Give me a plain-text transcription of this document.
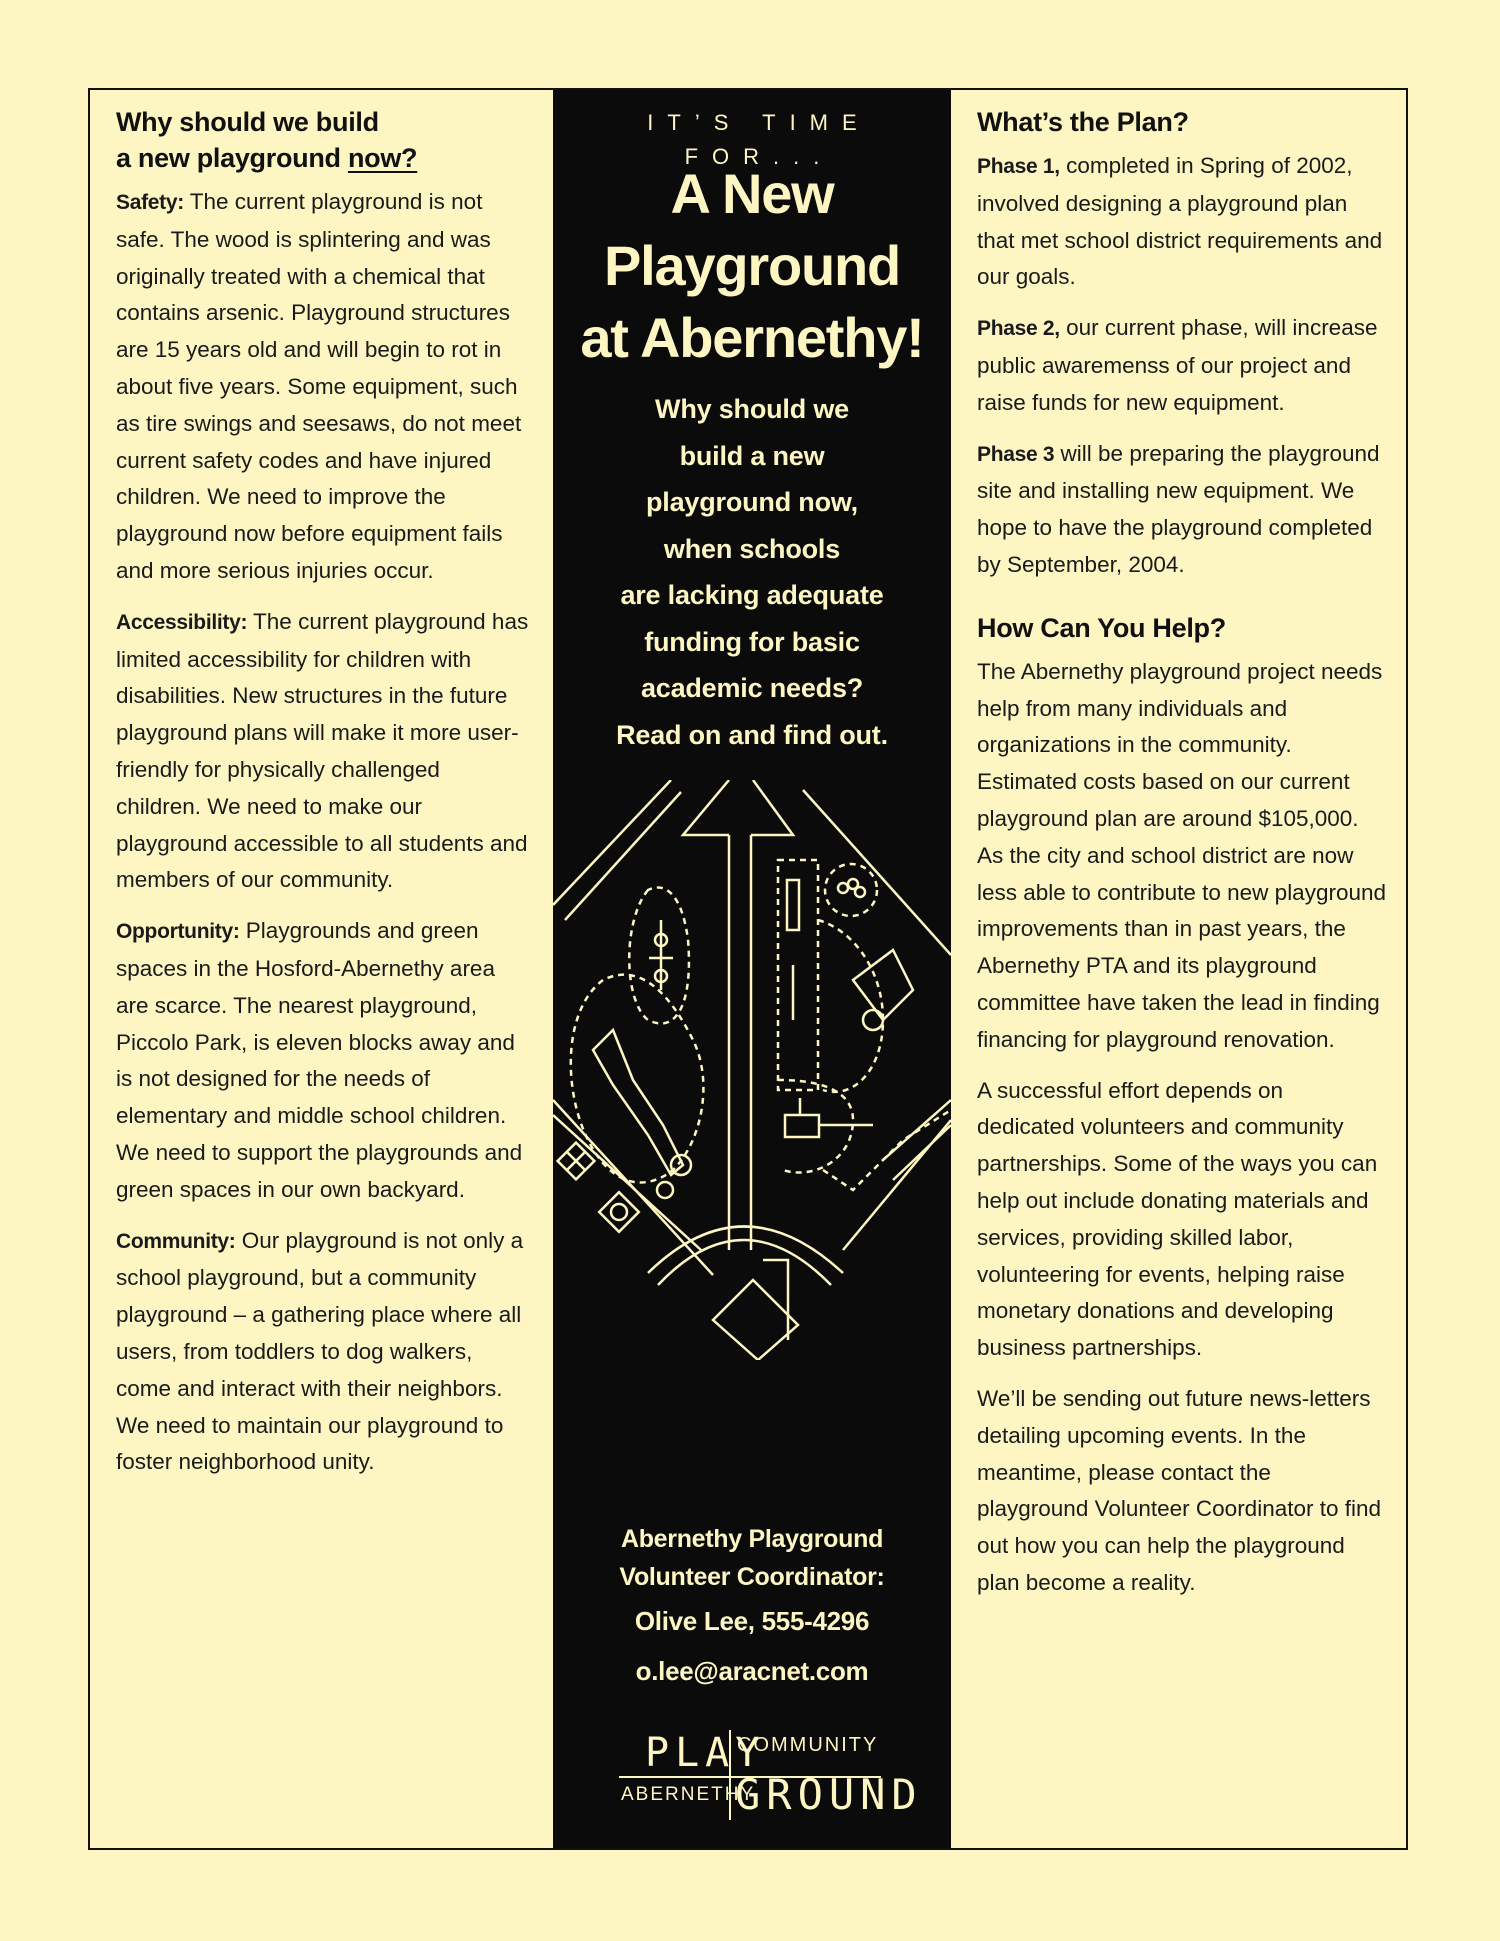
Why should we build
a new playground now?

Safety: The current playground is not safe. The wood is splintering and was originally treated with a chemical that contains arsenic. Playground structures are 15 years old and will begin to rot in about five years. Some equipment, such as tire swings and seesaws, do not meet current safety codes and have injured children. We need to improve the playground now before equipment fails and more serious injuries occur.

Accessibility: The current playground has limited accessibility for children with disabilities. New structures in the future playground plans will make it more user-friendly for physically challenged children. We need to make our playground accessible to all students and members of our community.

Opportunity: Playgrounds and green spaces in the Hosford-Abernethy area are scarce. The nearest playground, Piccolo Park, is eleven blocks away and is not designed for the needs of elementary and middle school children. We need to support the playgrounds and green spaces in our own backyard.

Community: Our playground is not only a school playground, but a community playground – a gathering place where all users, from toddlers to dog walkers, come and interact with their neighbors. We need to maintain our playground to foster neighborhood unity.

IT’S TIME FOR...
A New
Playground
at Abernethy!
Why should we
build a new
playground now,
when schools
are lacking adequate
funding for basic
academic needs?
Read on and find out.
Abernethy Playground
Volunteer Coordinator:
Olive Lee, 555-4296
o.lee@aracnet.com
PLAY
COMMUNITY
ABERNETHY
GROUND
What’s the Plan?

Phase 1, completed in Spring of 2002, involved designing a playground plan that met school district requirements and our goals.

Phase 2, our current phase, will increase public awaremenss of our project and raise funds for new equipment.

Phase 3 will be preparing the playground site and installing new equipment. We hope to have the playground completed by September, 2004.

How Can You Help?

The Abernethy playground project needs help from many individuals and organizations in the community. Estimated costs based on our current playground plan are around $105,000. As the city and school district are now less able to contribute to new playground improvements than in past years, the Abernethy PTA and its playground committee have taken the lead in finding financing for playground renovation.

A successful effort depends on dedicated volunteers and community partnerships. Some of the ways you can help out include donating materials and services, providing skilled labor, volunteering for events, helping raise monetary donations and developing business partnerships.

We’ll be sending out future news-letters detailing upcoming events. In the meantime, please contact the playground Volunteer Coordinator to find out how you can help the playground plan become a reality.
